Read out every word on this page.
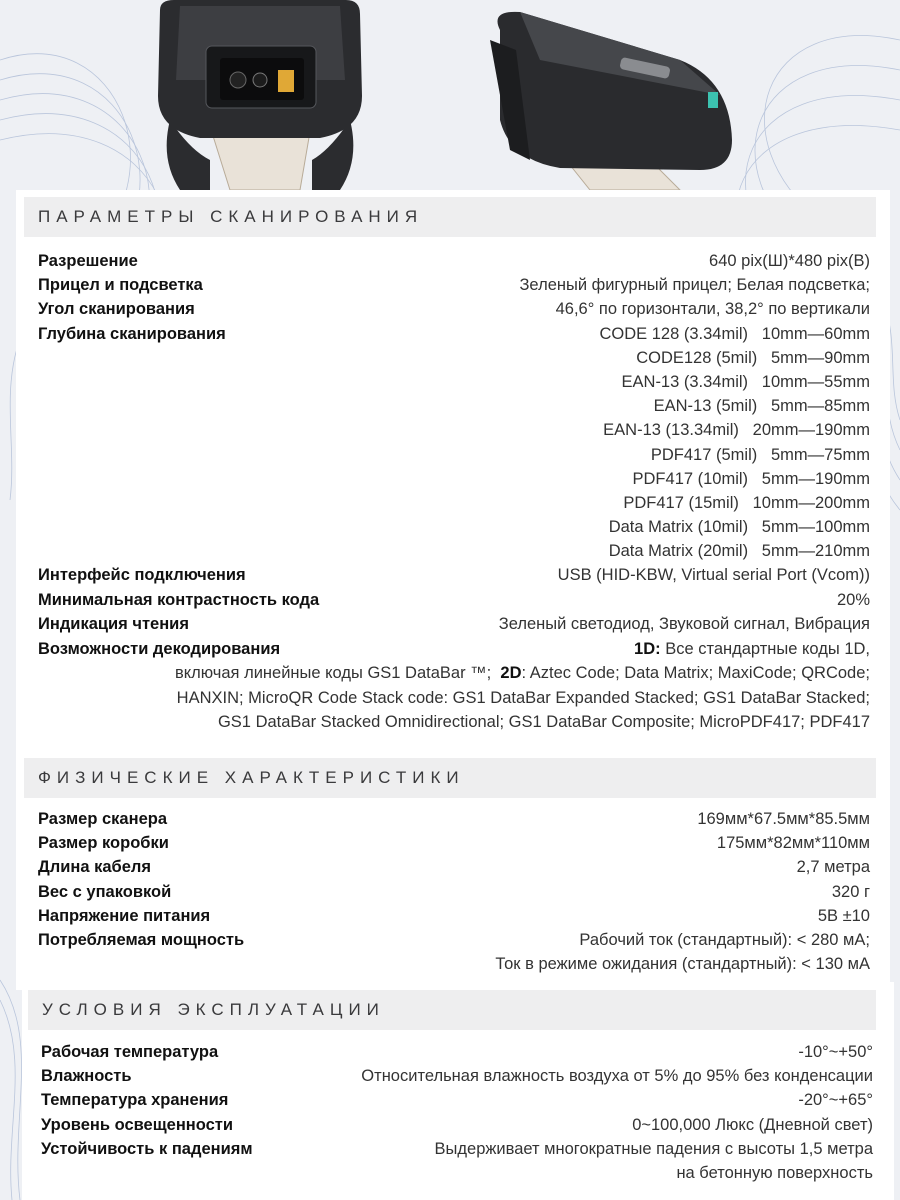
ПАРАМЕТРЫ СКАНИРОВАНИЯ
Разрешение	640 pix(Ш)*480 pix(В)
Прицел и подсветка	Зеленый фигурный прицел; Белая подсветка;
Угол сканирования	46,6° по горизонтали, 38,2° по вертикали
Глубина сканирования	CODE 128 (3.34mil)   10mm—60mm
CODE128 (5mil)   5mm—90mm
EAN-13 (3.34mil)   10mm—55mm
EAN-13 (5mil)   5mm—85mm
EAN-13 (13.34mil)   20mm—190mm
PDF417 (5mil)   5mm—75mm
PDF417 (10mil)   5mm—190mm
PDF417 (15mil)   10mm—200mm
Data Matrix (10mil)   5mm—100mm
Data Matrix (20mil)   5mm—210mm
Интерфейс подключения	USB (HID-KBW, Virtual serial Port (Vcom))
Минимальная контрастность кода	20%
Индикация чтения	Зеленый светодиод, Звуковой сигнал, Вибрация
Возможности декодирования	1D: Все стандартные коды 1D,
включая линейные коды GS1 DataBar ™;  2D: Aztec Code; Data Matrix; MaxiCode; QRCode;
HANXIN; MicroQR Code Stack code: GS1 DataBar Expanded Stacked; GS1 DataBar Stacked;
GS1 DataBar Stacked Omnidirectional; GS1 DataBar Composite; MicroPDF417; PDF417
ФИЗИЧЕСКИЕ ХАРАКТЕРИСТИКИ
Размер сканера	169мм*67.5мм*85.5мм
Размер коробки	175мм*82мм*110мм
Длина кабеля	2,7 метра
Вес с упаковкой	320 г
Напряжение питания	5В ±10
Потребляемая мощность	Рабочий ток (стандартный): < 280 мА;
Ток в режиме ожидания (стандартный): < 130 мА
УСЛОВИЯ ЭКСПЛУАТАЦИИ
Рабочая температура	-10°~+50°
Влажность	Относительная влажность воздуха от 5% до 95% без конденсации
Температура хранения	-20°~+65°
Уровень освещенности	0~100,000 Люкс (Дневной свет)
Устойчивость к падениям	Выдерживает многократные падения с высоты 1,5 метра
на бетонную поверхность
